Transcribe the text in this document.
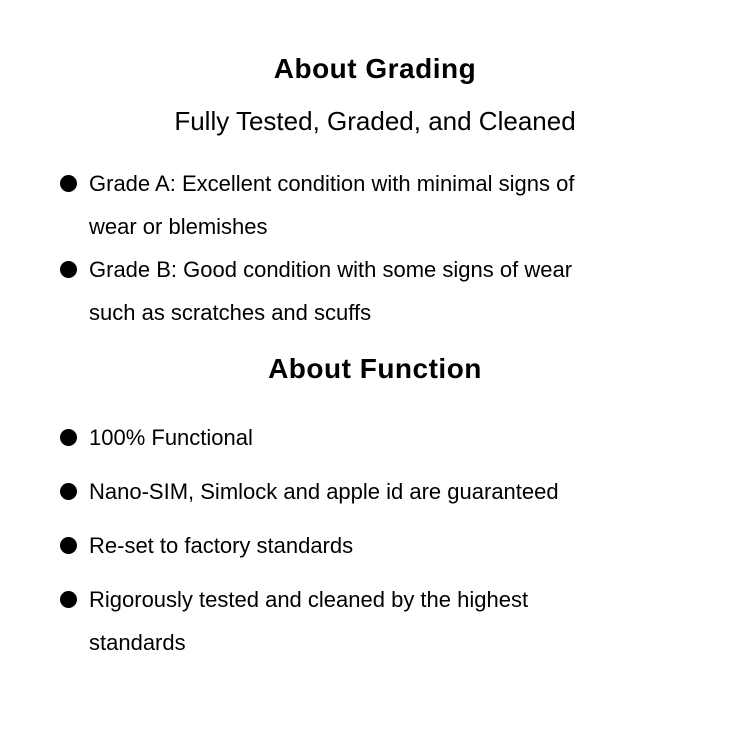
About Grading

Fully Tested, Graded, and Cleaned

Grade A: Excellent condition with minimal signs of
wear or blemishes
Grade B: Good condition with some signs of wear
such as scratches and scuffs
About Function
100% Functional
Nano-SIM, Simlock and apple id are guaranteed
Re-set to factory standards
Rigorously tested and cleaned by the highest
standards
